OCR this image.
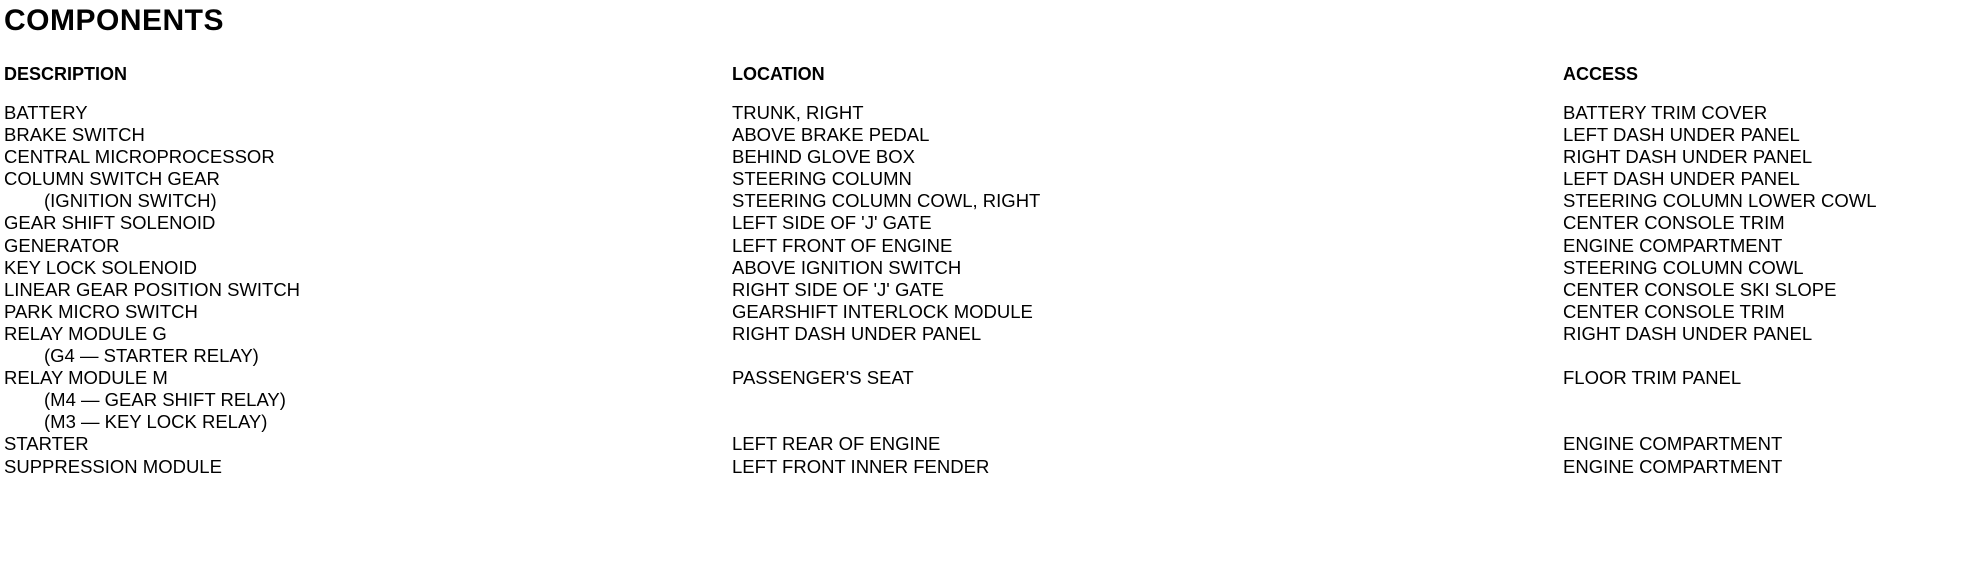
COMPONENTS
DESCRIPTION
BATTERY
BRAKE SWITCH
CENTRAL MICROPROCESSOR
COLUMN SWITCH GEAR
(IGNITION SWITCH)
GEAR SHIFT SOLENOID
GENERATOR
KEY LOCK SOLENOID
LINEAR GEAR POSITION SWITCH
PARK MICRO SWITCH
RELAY MODULE G
(G4 — STARTER RELAY)
RELAY MODULE M
(M4 — GEAR SHIFT RELAY)
(M3 — KEY LOCK RELAY)
STARTER
SUPPRESSION MODULE
LOCATION
TRUNK, RIGHT
ABOVE BRAKE PEDAL
BEHIND GLOVE BOX
STEERING COLUMN
STEERING COLUMN COWL, RIGHT
LEFT SIDE OF 'J' GATE
LEFT FRONT OF ENGINE
ABOVE IGNITION SWITCH
RIGHT SIDE OF 'J' GATE
GEARSHIFT INTERLOCK MODULE
RIGHT DASH UNDER PANEL
PASSENGER'S SEAT
LEFT REAR OF ENGINE
LEFT FRONT INNER FENDER
ACCESS
BATTERY TRIM COVER
LEFT DASH UNDER PANEL
RIGHT DASH UNDER PANEL
LEFT DASH UNDER PANEL
STEERING COLUMN LOWER COWL
CENTER CONSOLE TRIM
ENGINE COMPARTMENT
STEERING COLUMN COWL
CENTER CONSOLE SKI SLOPE
CENTER CONSOLE TRIM
RIGHT DASH UNDER PANEL
FLOOR TRIM PANEL
ENGINE COMPARTMENT
ENGINE COMPARTMENT
